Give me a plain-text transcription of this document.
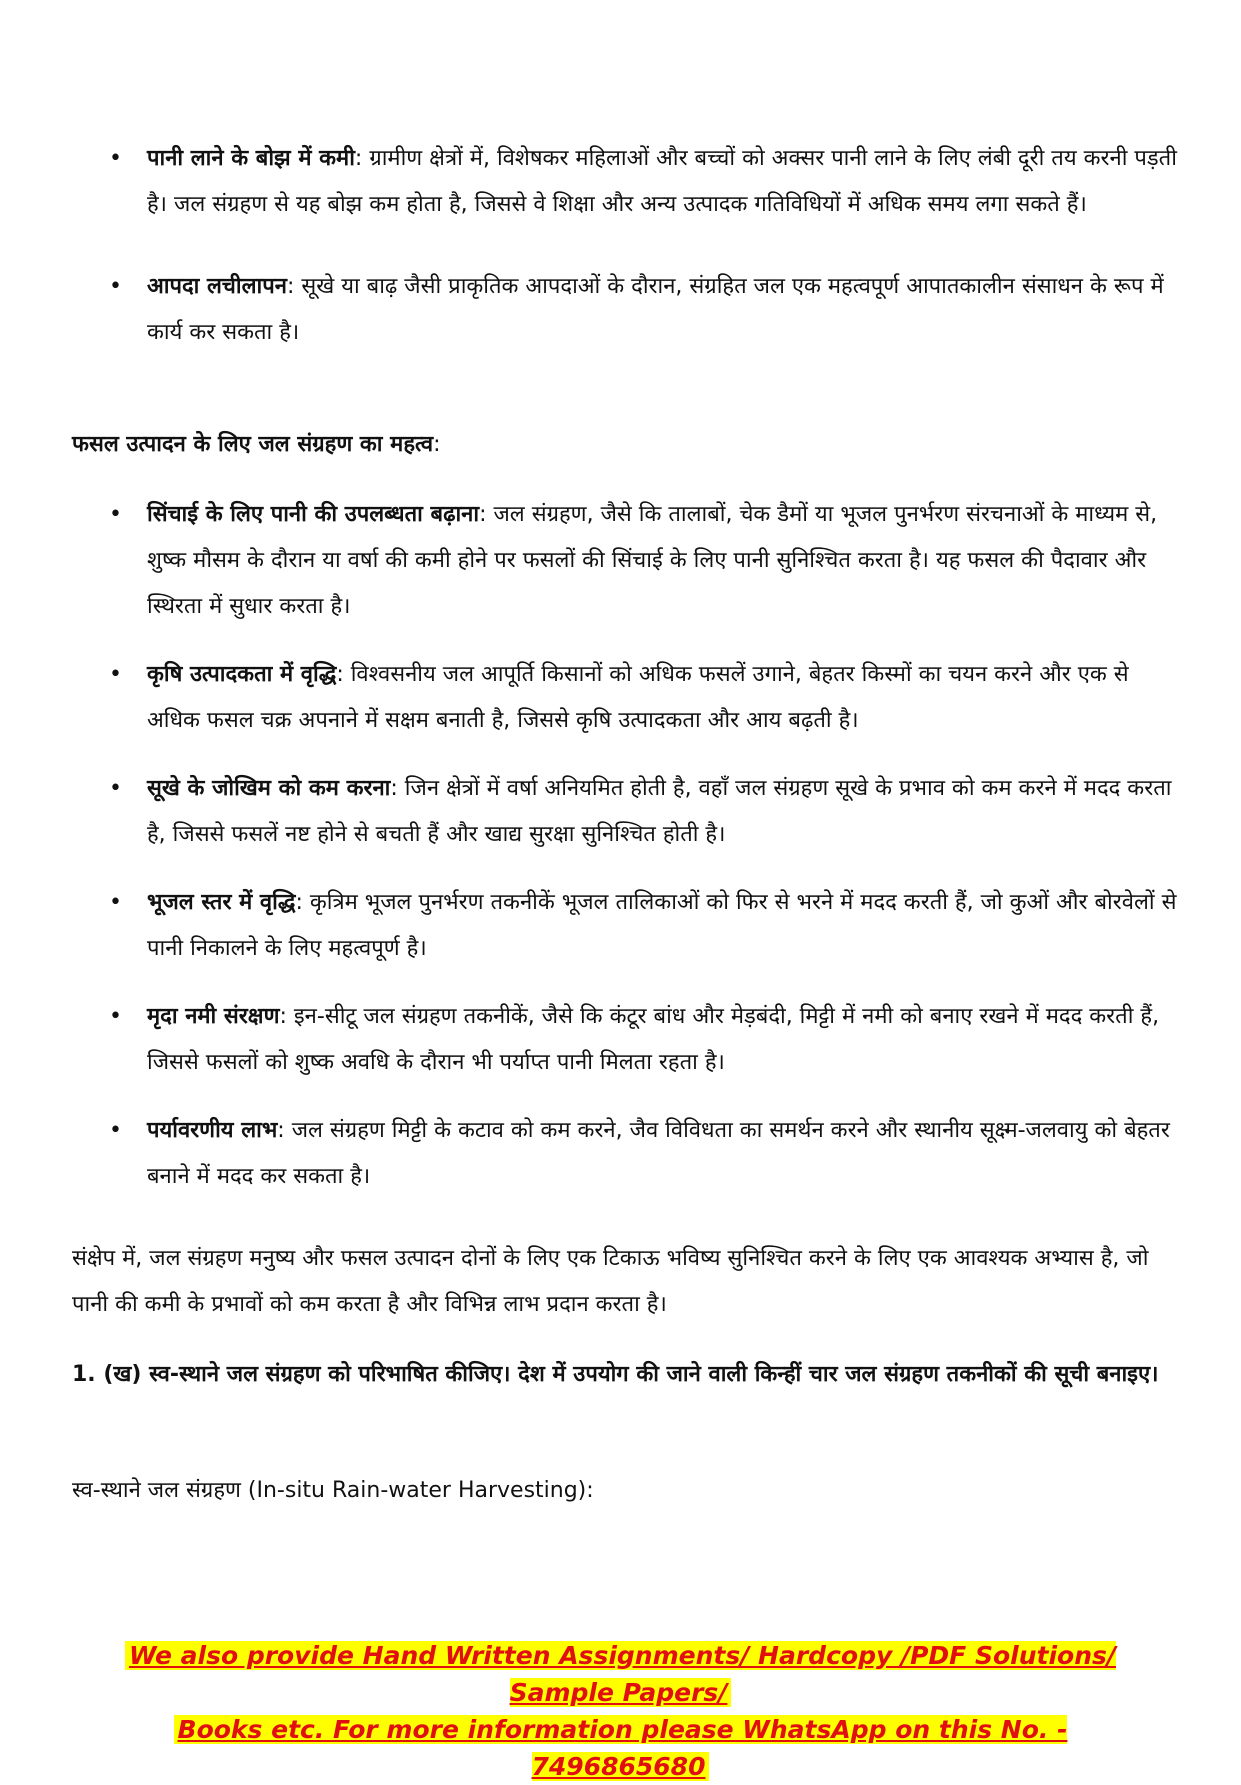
• पानी लाने के बोझ में कमी: ग्रामीण क्षेत्रों में, विशेषकर महिलाओं और बच्चों को अक्सर पानी लाने के लिए लंबी दूरी तय करनी पड़ती है। जल संग्रहण से यह बोझ कम होता है, जिससे वे शिक्षा और अन्य उत्पादक गतिविधियों में अधिक समय लगा सकते हैं।
• आपदा लचीलापन: सूखे या बाढ़ जैसी प्राकृतिक आपदाओं के दौरान, संग्रहित जल एक महत्वपूर्ण आपातकालीन संसाधन के रूप में कार्य कर सकता है।
फसल उत्पादन के लिए जल संग्रहण का महत्व:
• सिंचाई के लिए पानी की उपलब्धता बढ़ाना: जल संग्रहण, जैसे कि तालाबों, चेक डैमों या भूजल पुनर्भरण संरचनाओं के माध्यम से, शुष्क मौसम के दौरान या वर्षा की कमी होने पर फसलों की सिंचाई के लिए पानी सुनिश्चित करता है। यह फसल की पैदावार और स्थिरता में सुधार करता है।
• कृषि उत्पादकता में वृद्धि: विश्वसनीय जल आपूर्ति किसानों को अधिक फसलें उगाने, बेहतर किस्मों का चयन करने और एक से अधिक फसल चक्र अपनाने में सक्षम बनाती है, जिससे कृषि उत्पादकता और आय बढ़ती है।
• सूखे के जोखिम को कम करना: जिन क्षेत्रों में वर्षा अनियमित होती है, वहाँ जल संग्रहण सूखे के प्रभाव को कम करने में मदद करता है, जिससे फसलें नष्ट होने से बचती हैं और खाद्य सुरक्षा सुनिश्चित होती है।
• भूजल स्तर में वृद्धि: कृत्रिम भूजल पुनर्भरण तकनीकें भूजल तालिकाओं को फिर से भरने में मदद करती हैं, जो कुओं और बोरवेलों से पानी निकालने के लिए महत्वपूर्ण है।
• मृदा नमी संरक्षण: इन-सीटू जल संग्रहण तकनीकें, जैसे कि कंटूर बांध और मेड़बंदी, मिट्टी में नमी को बनाए रखने में मदद करती हैं, जिससे फसलों को शुष्क अवधि के दौरान भी पर्याप्त पानी मिलता रहता है।
• पर्यावरणीय लाभ: जल संग्रहण मिट्टी के कटाव को कम करने, जैव विविधता का समर्थन करने और स्थानीय सूक्ष्म-जलवायु को बेहतर बनाने में मदद कर सकता है।
संक्षेप में, जल संग्रहण मनुष्य और फसल उत्पादन दोनों के लिए एक टिकाऊ भविष्य सुनिश्चित करने के लिए एक आवश्यक अभ्यास है, जो पानी की कमी के प्रभावों को कम करता है और विभिन्न लाभ प्रदान करता है।
1. (ख) स्व-स्थाने जल संग्रहण को परिभाषित कीजिए। देश में उपयोग की जाने वाली किन्हीं चार जल संग्रहण तकनीकों की सूची बनाइए।
स्व-स्थाने जल संग्रहण (In-situ Rain-water Harvesting):
We also provide Hand Written Assignments/ Hardcopy /PDF Solutions/ Sample Papers/
Books etc. For more information please WhatsApp on this No. - 7496865680
